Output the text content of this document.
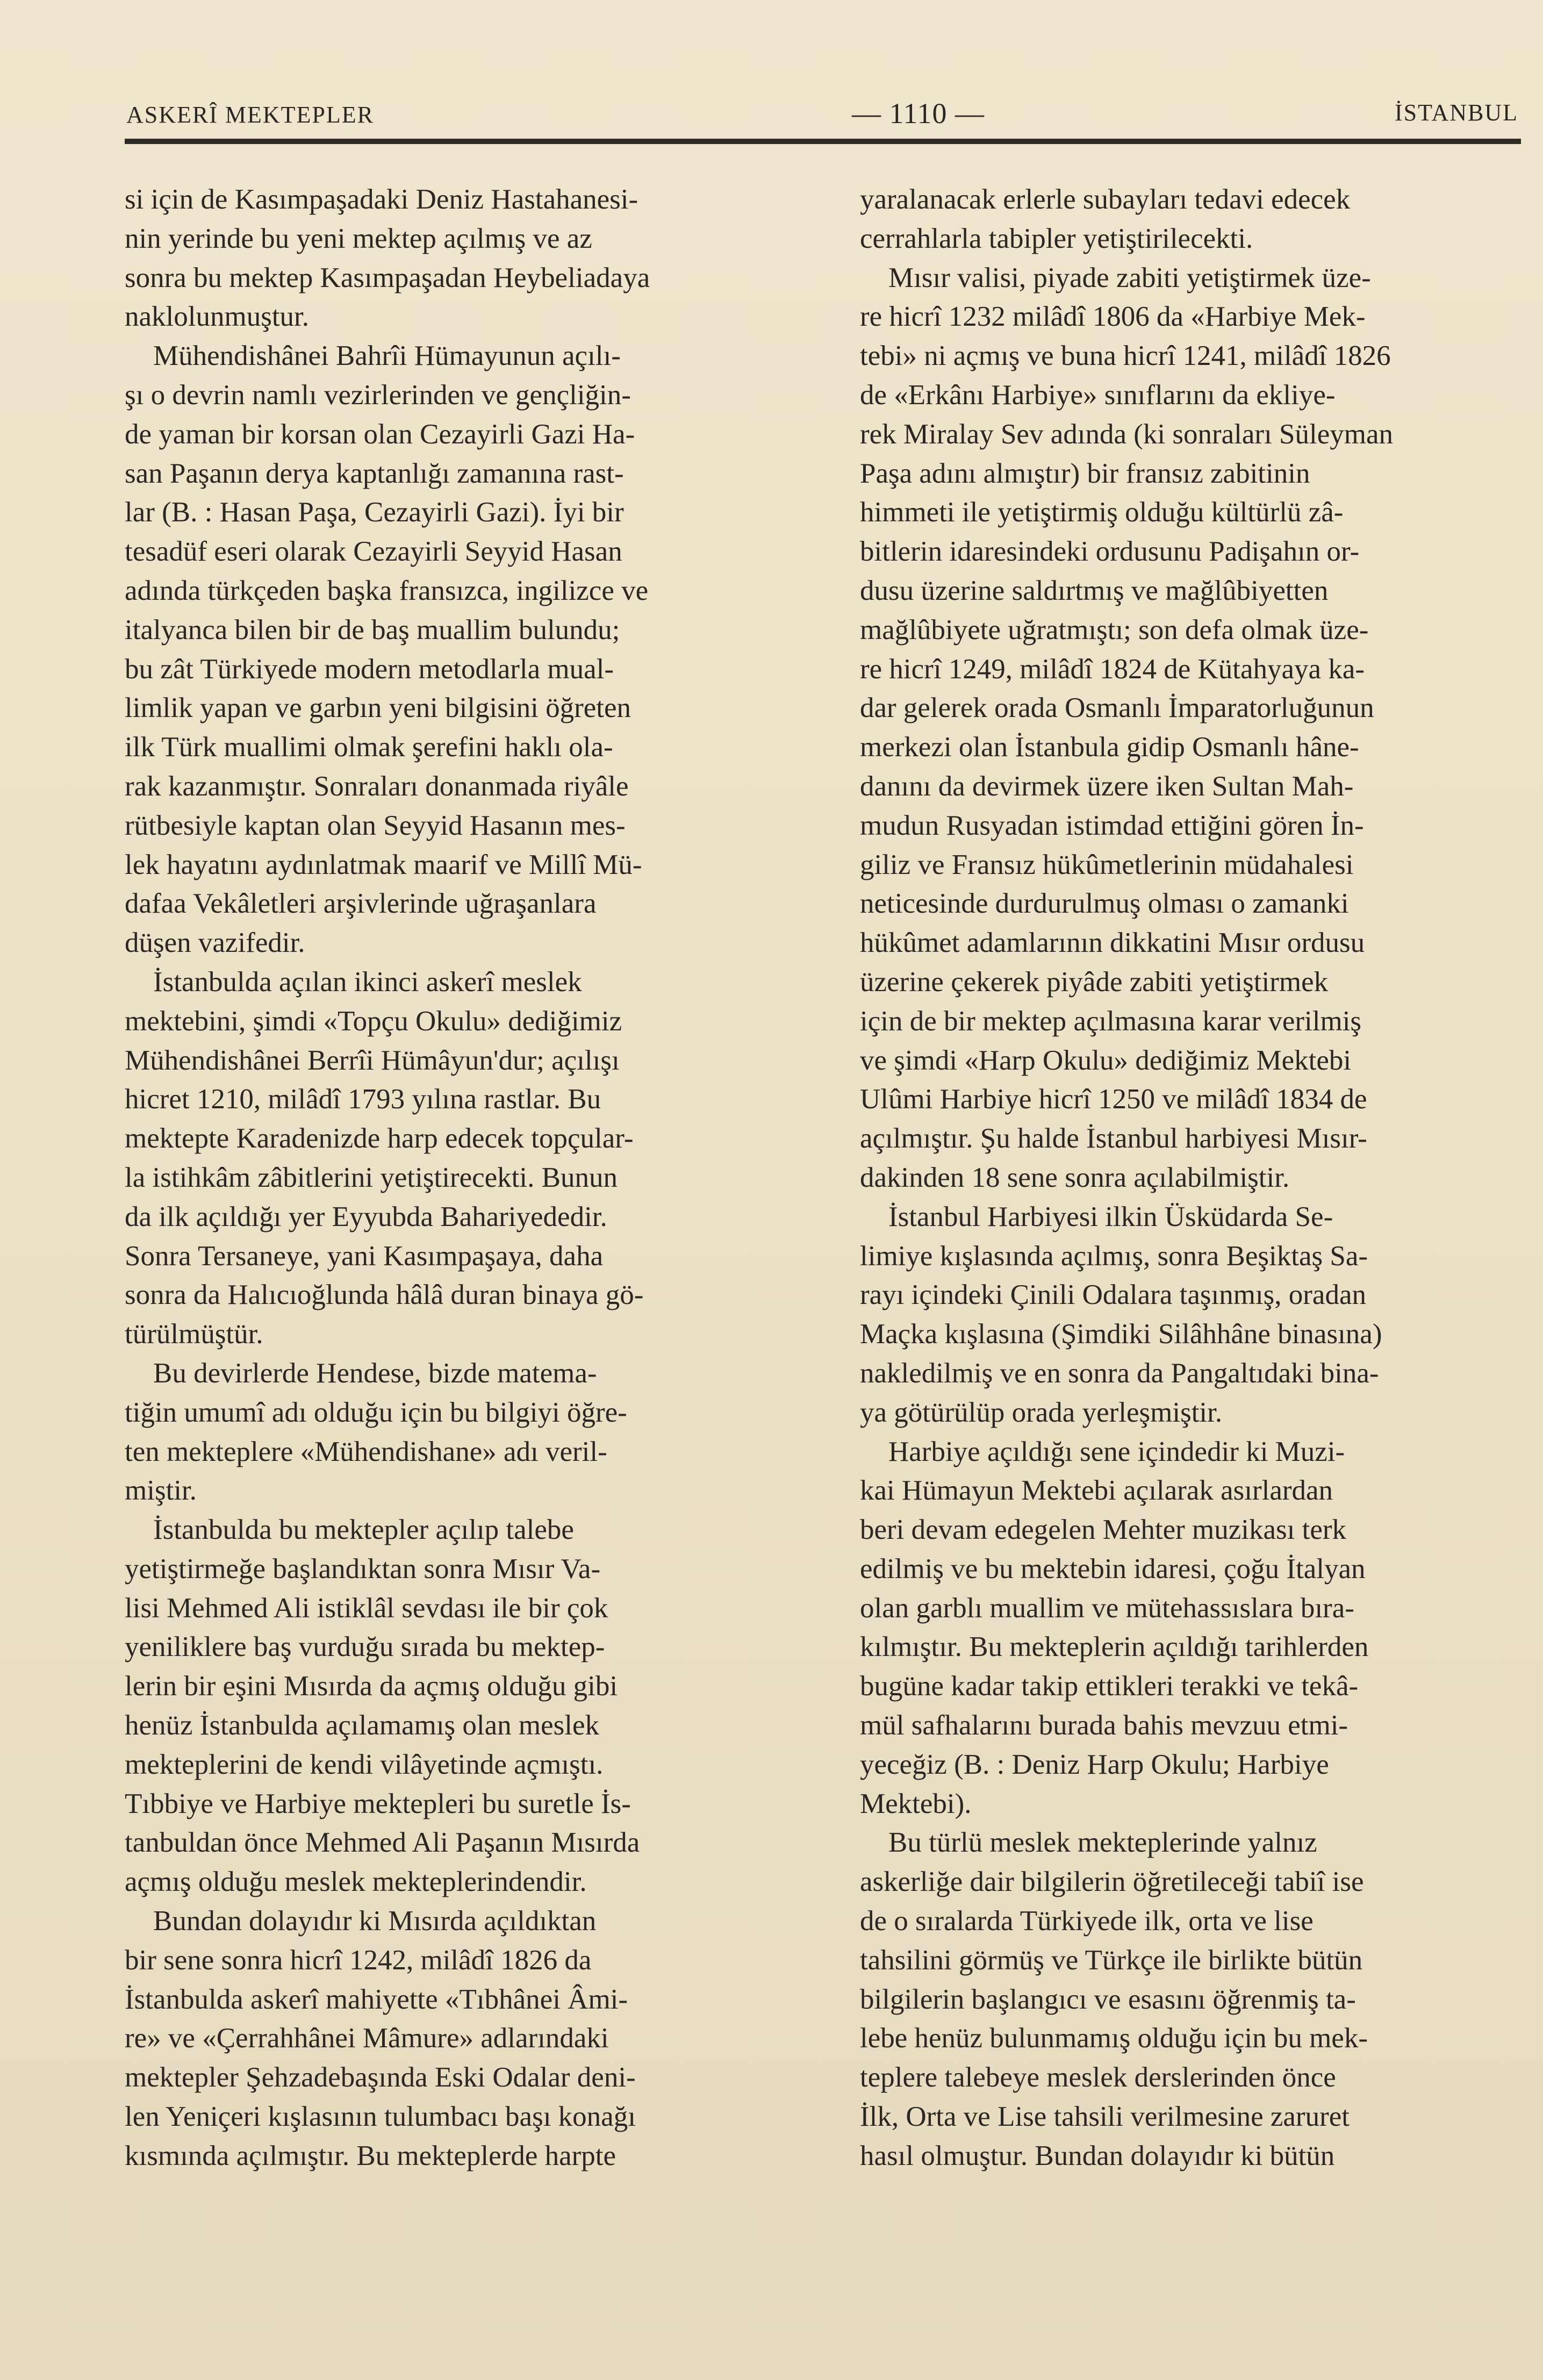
ASKERÎ MEKTEPLER	— 1110 —	İSTANBUL
si için de Kasımpaşadaki Deniz Hastahanesi-
nin yerinde bu yeni mektep açılmış ve az
sonra bu mektep Kasımpaşadan Heybeliadaya
naklolunmuştur.
Mühendishânei Bahrîi Hümayunun açılı-
şı o devrin namlı vezirlerinden ve gençliğin-
de yaman bir korsan olan Cezayirli Gazi Ha-
san Paşanın derya kaptanlığı zamanına rast-
lar (B. : Hasan Paşa, Cezayirli Gazi). İyi bir
tesadüf eseri olarak Cezayirli Seyyid Hasan
adında türkçeden başka fransızca, ingilizce ve
italyanca bilen bir de baş muallim bulundu;
bu zât Türkiyede modern metodlarla mual-
limlik yapan ve garbın yeni bilgisini öğreten
ilk Türk muallimi olmak şerefini haklı ola-
rak kazanmıştır. Sonraları donanmada riyâle
rütbesiyle kaptan olan Seyyid Hasanın mes-
lek hayatını aydınlatmak maarif ve Millî Mü-
dafaa Vekâletleri arşivlerinde uğraşanlara
düşen vazifedir.
İstanbulda açılan ikinci askerî meslek
mektebini, şimdi «Topçu Okulu» dediğimiz
Mühendishânei Berrîi Hümâyun'dur; açılışı
hicret 1210, milâdî 1793 yılına rastlar. Bu
mektepte Karadenizde harp edecek topçular-
la istihkâm zâbitlerini yetiştirecekti. Bunun
da ilk açıldığı yer Eyyubda Bahariyededir.
Sonra Tersaneye, yani Kasımpaşaya, daha
sonra da Halıcıoğlunda hâlâ duran binaya gö-
türülmüştür.
Bu devirlerde Hendese, bizde matema-
tiğin umumî adı olduğu için bu bilgiyi öğre-
ten mekteplere «Mühendishane» adı veril-
miştir.
İstanbulda bu mektepler açılıp talebe
yetiştirmeğe başlandıktan sonra Mısır Va-
lisi Mehmed Ali istiklâl sevdası ile bir çok
yeniliklere baş vurduğu sırada bu mektep-
lerin bir eşini Mısırda da açmış olduğu gibi
henüz İstanbulda açılamamış olan meslek
mekteplerini de kendi vilâyetinde açmıştı.
Tıbbiye ve Harbiye mektepleri bu suretle İs-
tanbuldan önce Mehmed Ali Paşanın Mısırda
açmış olduğu meslek mekteplerindendir.
Bundan dolayıdır ki Mısırda açıldıktan
bir sene sonra hicrî 1242, milâdî 1826 da
İstanbulda askerî mahiyette «Tıbhânei Âmi-
re» ve «Çerrahhânei Mâmure» adlarındaki
mektepler Şehzadebaşında Eski Odalar deni-
len Yeniçeri kışlasının tulumbacı başı konağı
kısmında açılmıştır. Bu mekteplerde harpte
yaralanacak erlerle subayları tedavi edecek
cerrahlarla tabipler yetiştirilecekti.
Mısır valisi, piyade zabiti yetiştirmek üze-
re hicrî 1232 milâdî 1806 da «Harbiye Mek-
tebi» ni açmış ve buna hicrî 1241, milâdî 1826
de «Erkânı Harbiye» sınıflarını da ekliye-
rek Miralay Sev adında (ki sonraları Süleyman
Paşa adını almıştır) bir fransız zabitinin
himmeti ile yetiştirmiş olduğu kültürlü zâ-
bitlerin idaresindeki ordusunu Padişahın or-
dusu üzerine saldırtmış ve mağlûbiyetten
mağlûbiyete uğratmıştı; son defa olmak üze-
re hicrî 1249, milâdî 1824 de Kütahyaya ka-
dar gelerek orada Osmanlı İmparatorluğunun
merkezi olan İstanbula gidip Osmanlı hâne-
danını da devirmek üzere iken Sultan Mah-
mudun Rusyadan istimdad ettiğini gören İn-
giliz ve Fransız hükûmetlerinin müdahalesi
neticesinde durdurulmuş olması o zamanki
hükûmet adamlarının dikkatini Mısır ordusu
üzerine çekerek piyâde zabiti yetiştirmek
için de bir mektep açılmasına karar verilmiş
ve şimdi «Harp Okulu» dediğimiz Mektebi
Ulûmi Harbiye hicrî 1250 ve milâdî 1834 de
açılmıştır. Şu halde İstanbul harbiyesi Mısır-
dakinden 18 sene sonra açılabilmiştir.
İstanbul Harbiyesi ilkin Üsküdarda Se-
limiye kışlasında açılmış, sonra Beşiktaş Sa-
rayı içindeki Çinili Odalara taşınmış, oradan
Maçka kışlasına (Şimdiki Silâhhâne binasına)
nakledilmiş ve en sonra da Pangaltıdaki bina-
ya götürülüp orada yerleşmiştir.
Harbiye açıldığı sene içindedir ki Muzi-
kai Hümayun Mektebi açılarak asırlardan
beri devam edegelen Mehter muzikası terk
edilmiş ve bu mektebin idaresi, çoğu İtalyan
olan garblı muallim ve mütehassıslara bıra-
kılmıştır. Bu mekteplerin açıldığı tarihlerden
bugüne kadar takip ettikleri terakki ve tekâ-
mül safhalarını burada bahis mevzuu etmi-
yeceğiz (B. : Deniz Harp Okulu; Harbiye
Mektebi).
Bu türlü meslek mekteplerinde yalnız
askerliğe dair bilgilerin öğretileceği tabiî ise
de o sıralarda Türkiyede ilk, orta ve lise
tahsilini görmüş ve Türkçe ile birlikte bütün
bilgilerin başlangıcı ve esasını öğrenmiş ta-
lebe henüz bulunmamış olduğu için bu mek-
teplere talebeye meslek derslerinden önce
İlk, Orta ve Lise tahsili verilmesine zaruret
hasıl olmuştur. Bundan dolayıdır ki bütün
